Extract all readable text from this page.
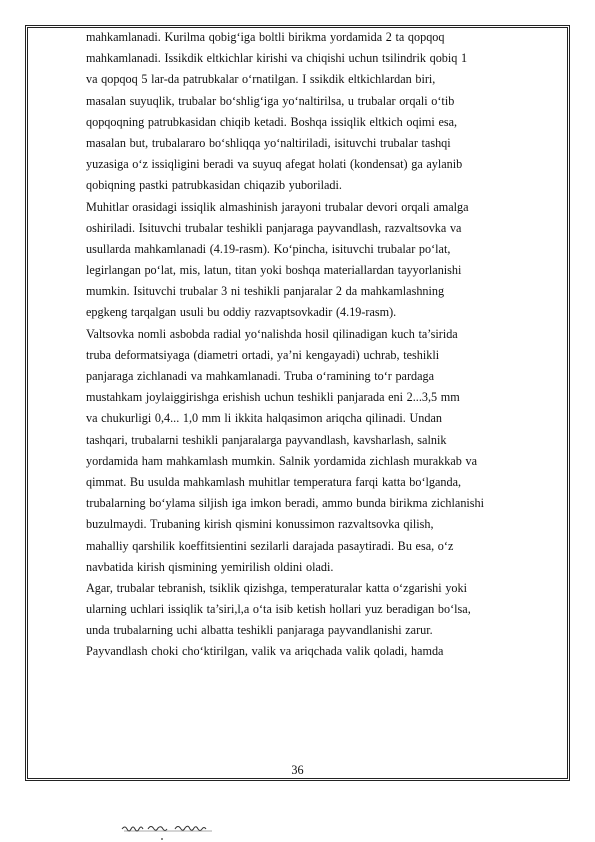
mahkamlanadi. Kurilma qobig‘iga boltli birikma yordamida 2 ta qopqoq
mahkamlanadi. Issikdik eltkichlar kirishi va chiqishi uchun tsilindrik qobiq 1
va qopqoq 5 lar-da patrubkalar o‘rnatilgan. I ssikdik eltkichlardan biri,
masalan suyuqlik, trubalar bo‘shlig‘iga yo‘naltirilsa, u trubalar orqali o‘tib
qopqoqning patrubkasidan chiqib ketadi. Boshqa issiqlik eltkich oqimi esa,
masalan but, trubalararo bo‘shliqqa yo‘naltiriladi, isituvchi trubalar tashqi
yuzasiga o‘z issiqligini beradi va suyuq afegat holati (kondensat) ga aylanib
qobiqning pastki patrubkasidan chiqazib yuboriladi.
Muhitlar orasidagi issiqlik almashinish jarayoni trubalar devori orqali amalga
oshiriladi. Isituvchi trubalar teshikli panjaraga payvandlash, razvaltsovka va
usullarda mahkamlanadi (4.19-rasm). Ko‘pincha, isituvchi trubalar po‘lat,
legirlangan po‘lat, mis, latun, titan yoki boshqa materiallardan tayyorlanishi
mumkin. Isituvchi trubalar 3 ni teshikli panjaralar 2 da mahkamlashning
epgkeng tarqalgan usuli bu oddiy razvaptsovkadir (4.19-rasm).
Valtsovka nomli asbobda radial yo‘nalishda hosil qilinadigan kuch ta’sirida
truba deformatsiyaga (diametri ortadi, ya’ni kengayadi) uchrab, teshikli
panjaraga zichlanadi va mahkamlanadi. Truba o‘ramining to‘r pardaga
mustahkam joylaiggirishga erishish uchun teshikli panjarada eni 2...3,5 mm
va chukurligi 0,4... 1,0 mm li ikkita halqasimon ariqcha qilinadi. Undan
tashqari, trubalarni teshikli panjaralarga payvandlash, kavsharlash, salnik
yordamida ham mahkamlash mumkin. Salnik yordamida zichlash murakkab va
qimmat. Bu usulda mahkamlash muhitlar temperatura farqi katta bo‘lganda,
trubalarning bo‘ylama siljish iga imkon beradi, ammo bunda birikma zichlanishi
buzulmaydi. Trubaning kirish qismini konussimon razvaltsovka qilish,
mahalliy qarshilik koeffitsientini sezilarli darajada pasaytiradi. Bu esa, o‘z
navbatida kirish qismining yemirilish oldini oladi.
Agar, trubalar tebranish, tsiklik qizishga, temperaturalar katta o‘zgarishi yoki
ularning uchlari issiqlik ta’siri,l,a o‘ta isib ketish hollari yuz beradigan bo‘lsa,
unda trubalarning uchi albatta teshikli panjaraga payvandlanishi zarur.
Payvandlash choki cho‘ktirilgan, valik va ariqchada valik qoladi, hamda
36
